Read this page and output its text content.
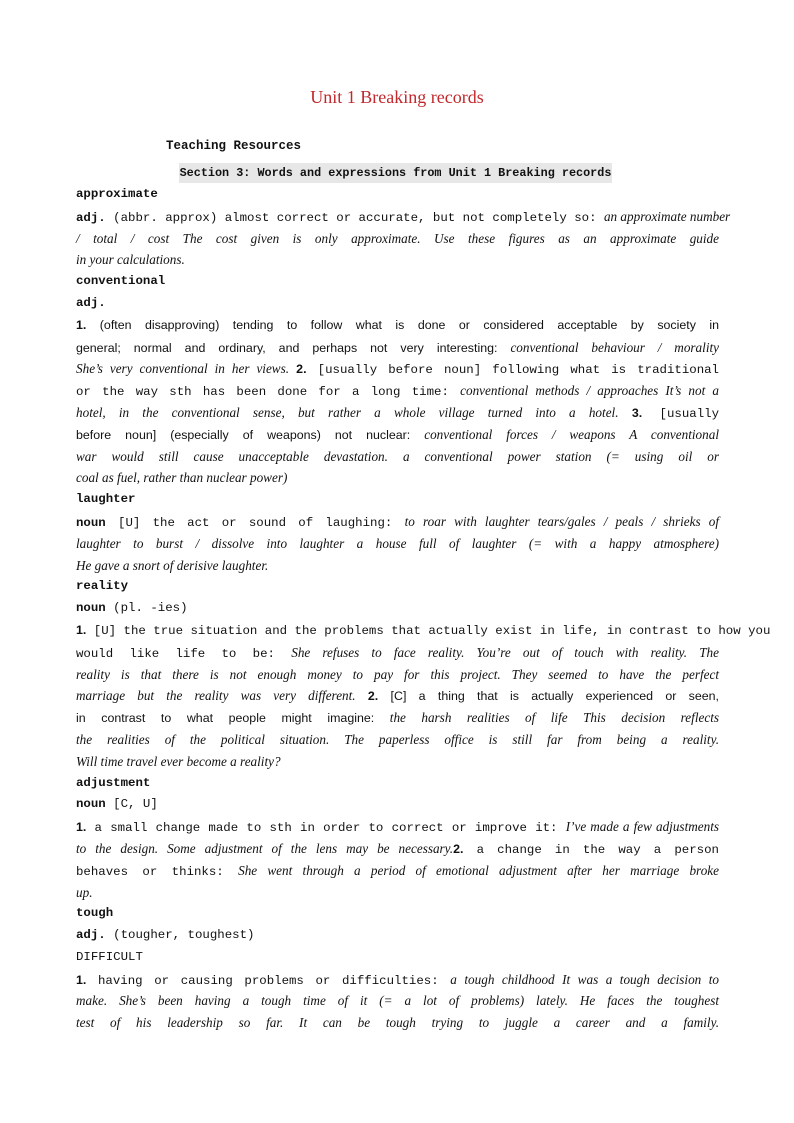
Unit 1 Breaking records
Teaching Resources
Section 3: Words and expressions from Unit 1 Breaking records
approximate
adj. (abbr. approx) almost correct or accurate, but not completely so: an approximate number
/ total / cost The cost given is only approximate. Use these figures as an approximate guide
in your calculations.
conventional
adj.
1. (often disapproving) tending to follow what is done or considered acceptable by society in
general; normal and ordinary, and perhaps not very interesting: conventional behaviour / morality
She’s very conventional in her views. 2. [usually before noun] following what is traditional
or the way sth has been done for a long time: conventional methods / approaches It’s not a
hotel, in the conventional sense, but rather a whole village turned into a hotel. 3. [usually
before noun] (especially of weapons) not nuclear: conventional forces / weapons A conventional
war would still cause unacceptable devastation. a conventional power station (= using oil or
coal as fuel, rather than nuclear power)
laughter
noun [U] the act or sound of laughing: to roar with laughter tears/gales / peals / shrieks of
laughter to burst / dissolve into laughter a house full of laughter (= with a happy atmosphere)
He gave a snort of derisive laughter.
reality
noun (pl. -ies)
1. [U] the true situation and the problems that actually exist in life, in contrast to how you
would like life to be: She refuses to face reality. You’re out of touch with reality. The
reality is that there is not enough money to pay for this project. They seemed to have the perfect
marriage but the reality was very different. 2. [C] a thing that is actually experienced or seen,
in contrast to what people might imagine: the harsh realities of life This decision reflects
the realities of the political situation. The paperless office is still far from being a reality.
Will time travel ever become a reality?
adjustment
noun [C, U]
1. a small change made to sth in order to correct or improve it: I’ve made a few adjustments
to the design. Some adjustment of the lens may be necessary.2. a change in the way a person
behaves or thinks: She went through a period of emotional adjustment after her marriage broke
up.
tough
adj. (tougher, toughest)
DIFFICULT
1. having or causing problems or difficulties: a tough childhood It was a tough decision to
make. She’s been having a tough time of it (= a lot of problems) lately. He faces the toughest
test of his leadership so far. It can be tough trying to juggle a career and a family.
